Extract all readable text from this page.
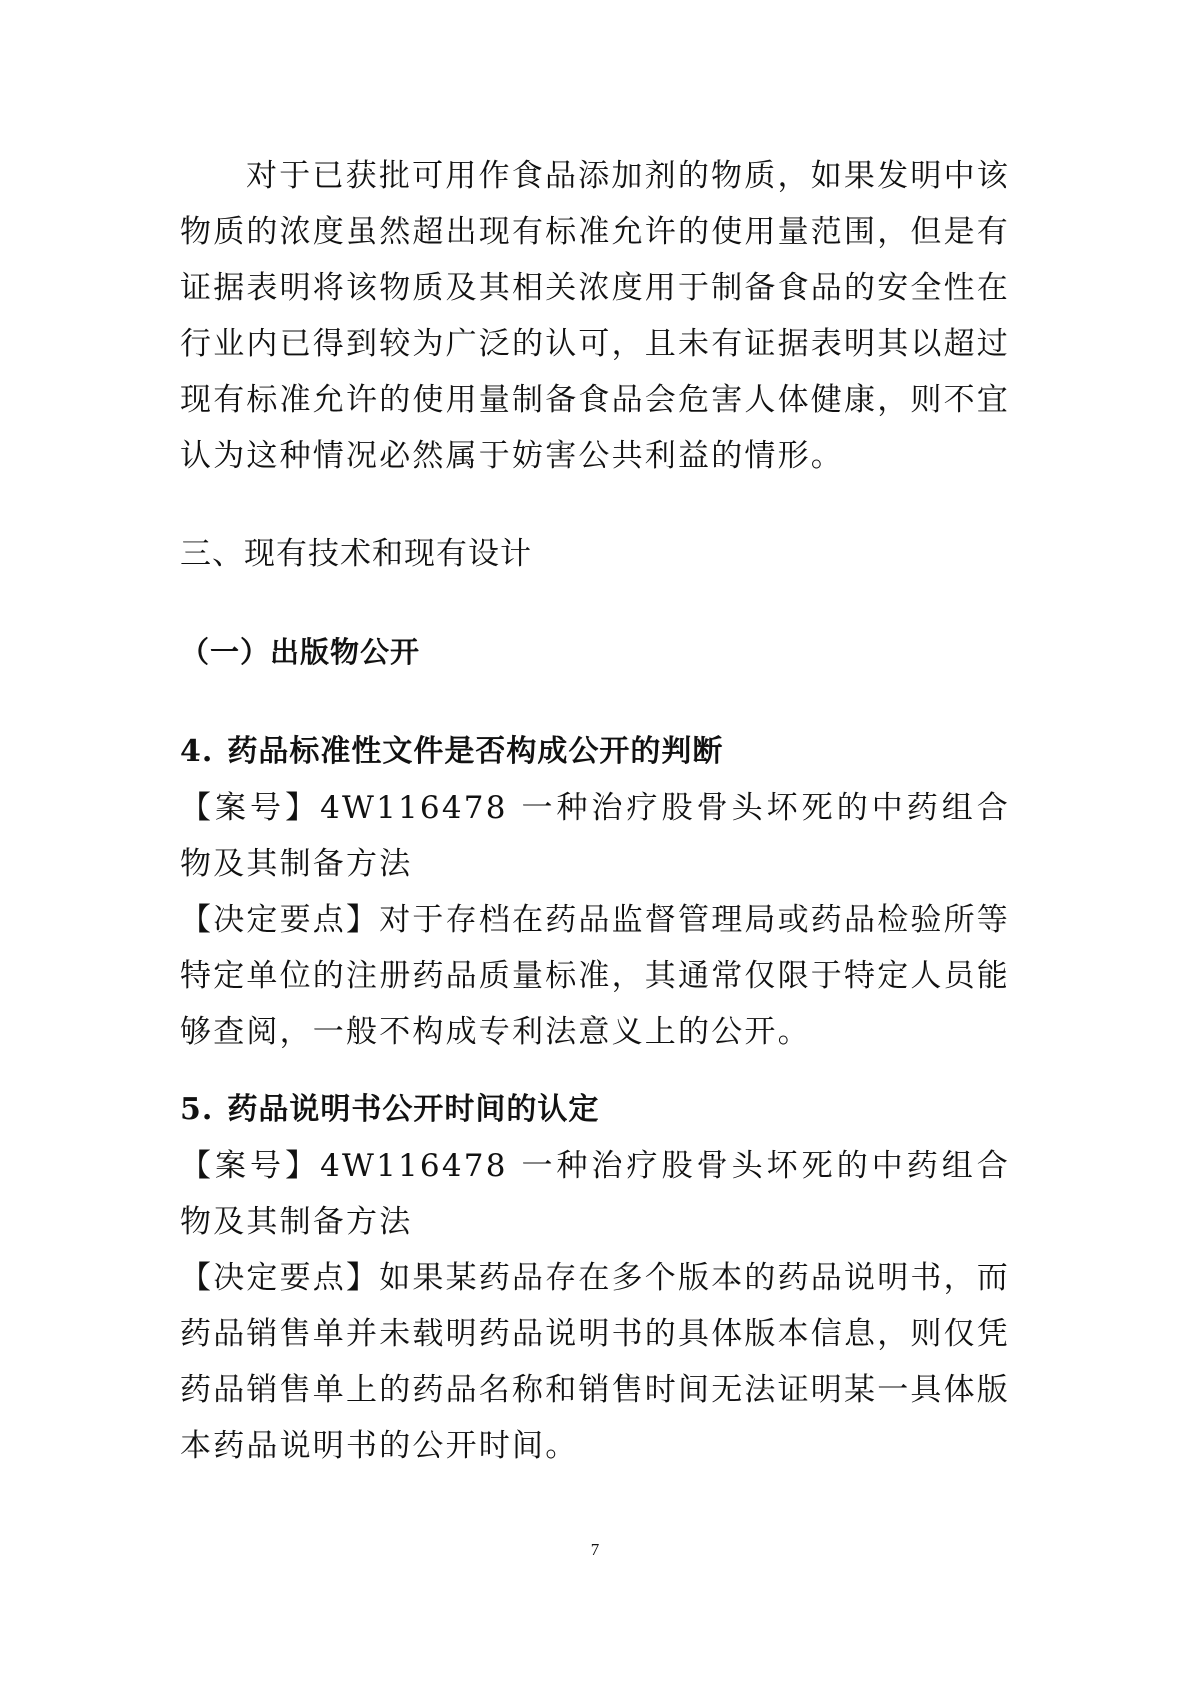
对于已获批可用作食品添加剂的物质，如果发明中该物质的浓度虽然超出现有标准允许的使用量范围，但是有证据表明将该物质及其相关浓度用于制备食品的安全性在行业内已得到较为广泛的认可，且未有证据表明其以超过现有标准允许的使用量制备食品会危害人体健康，则不宜认为这种情况必然属于妨害公共利益的情形。

三、现有技术和现有设计
（一）出版物公开
4. 药品标准性文件是否构成公开的判断

【案号】4W116478 一种治疗股骨头坏死的中药组合物及其制备方法

【决定要点】对于存档在药品监督管理局或药品检验所等特定单位的注册药品质量标准，其通常仅限于特定人员能够查阅，一般不构成专利法意义上的公开。

5. 药品说明书公开时间的认定

【案号】4W116478 一种治疗股骨头坏死的中药组合物及其制备方法

【决定要点】如果某药品存在多个版本的药品说明书，而药品销售单并未载明药品说明书的具体版本信息，则仅凭药品销售单上的药品名称和销售时间无法证明某一具体版本药品说明书的公开时间。

7
